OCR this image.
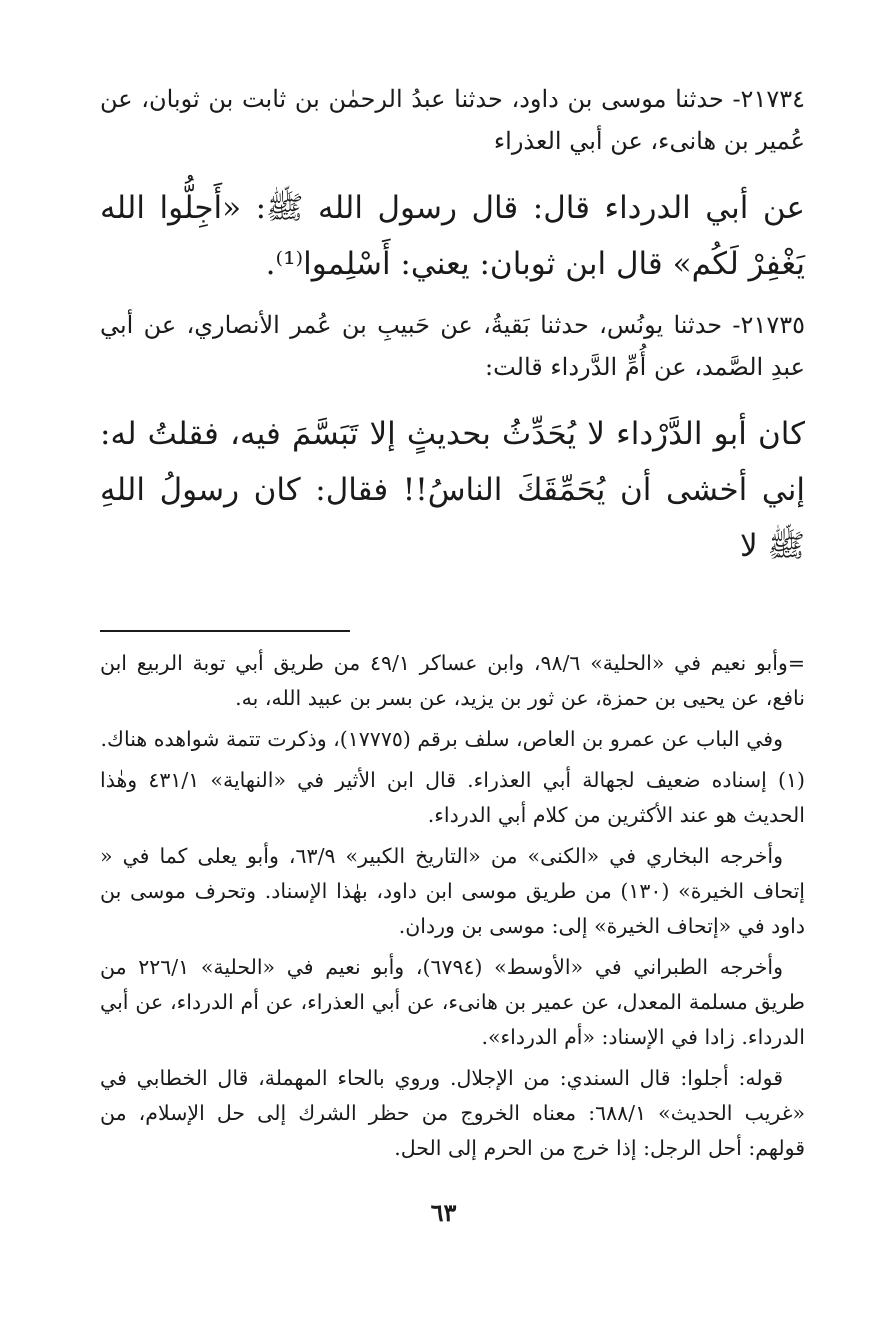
٢١٧٣٤- حدثنا موسى بن داود، حدثنا عبدُ الرحمٰن بن ثابت بن ثوبان، عن عُمير بن هانىء، عن أبي العذراء

عن أبي الدرداء قال: قال رسول الله ﷺ: «أَجِلُّوا الله يَغْفِرْ لَكُم» قال ابن ثوبان: يعني: أَسْلِموا⁽¹⁾.

٢١٧٣٥- حدثنا يونُس، حدثنا بَقيةُ، عن حَبيبِ بن عُمر الأنصاري، عن أبي عبدِ الصَّمد، عن أُمِّ الدَّرداء قالت:

كان أبو الدَّرْداء لا يُحَدِّثُ بحديثٍ إلا تَبَسَّمَ فيه، فقلتُ له: إني أخشى أن يُحَمِّقَكَ الناسُ!! فقال: كان رسولُ اللهِ ﷺ لا

=وأبو نعيم في «الحلية» ٩٨/٦، وابن عساكر ٤٩/١ من طريق أبي توبة الربيع ابن نافع، عن يحيى بن حمزة، عن ثور بن يزيد، عن بسر بن عبيد الله، به.

وفي الباب عن عمرو بن العاص، سلف برقم (١٧٧٧٥)، وذكرت تتمة شواهده هناك.

(١) إسناده ضعيف لجهالة أبي العذراء. قال ابن الأثير في «النهاية» ٤٣١/١ وهٰذا الحديث هو عند الأكثرين من كلام أبي الدرداء.

وأخرجه البخاري في «الكنى» من «التاريخ الكبير» ٦٣/٩، وأبو يعلى كما في « إتحاف الخيرة» (١٣٠) من طريق موسى ابن داود، بهٰذا الإسناد. وتحرف موسى بن داود في «إتحاف الخيرة» إلى: موسى بن وردان.

وأخرجه الطبراني في «الأوسط» (٦٧٩٤)، وأبو نعيم في «الحلية» ٢٢٦/١ من طريق مسلمة المعدل، عن عمير بن هانىء، عن أبي العذراء، عن أم الدرداء، عن أبي الدرداء. زادا في الإسناد: «أم الدرداء».

قوله: أجلوا: قال السندي: من الإجلال. وروي بالحاء المهملة، قال الخطابي في «غريب الحديث» ٦٨٨/١: معناه الخروج من حظر الشرك إلى حل الإسلام، من قولهم: أحل الرجل: إذا خرج من الحرم إلى الحل.

٦٣
